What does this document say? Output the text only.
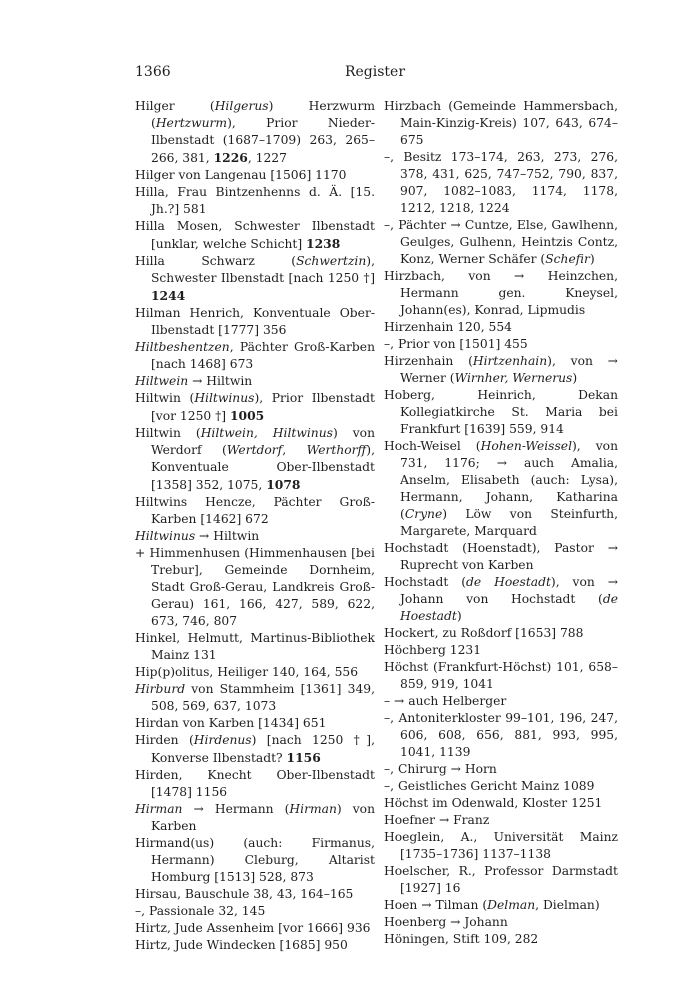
1366	Register
Hilger (Hilgerus) Herzwurm (Hertzwurm), Prior Nieder-Ilbenstadt (1687–1709) 263, 265–266, 381, 1226, 1227
Hilger von Langenau [1506] 1170
Hilla, Frau Bintzenhenns d. Ä. [15. Jh.?] 581
Hilla Mosen, Schwester Ilbenstadt [unklar, welche Schicht] 1238
Hilla Schwarz (Schwertzin), Schwester Ilbenstadt [nach 1250 †] 1244
Hilman Henrich, Konventuale Ober-Ilbenstadt [1777] 356
Hiltbeshentzen, Pächter Groß-Karben [nach 1468] 673
Hiltwein → Hiltwin
Hiltwin (Hiltwinus), Prior Ilbenstadt [vor 1250 †] 1005
Hiltwin (Hiltwein, Hiltwinus) von Werdorf (Wertdorf, Werthorff), Konventuale Ober-Ilbenstadt [1358] 352, 1075, 1078
Hiltwins Hencze, Pächter Groß-Karben [1462] 672
Hiltwinus → Hiltwin
+ Himmenhusen (Himmenhausen [bei Trebur], Gemeinde Dornheim, Stadt Groß-Gerau, Landkreis Groß-Gerau) 161, 166, 427, 589, 622, 673, 746, 807
Hinkel, Helmutt, Martinus-Bibliothek Mainz 131
Hip(p)olitus, Heiliger 140, 164, 556
Hirburd von Stammheim [1361] 349, 508, 569, 637, 1073
Hirdan von Karben [1434] 651
Hirden (Hirdenus) [nach 1250 †], Konverse Ilbenstadt? 1156
Hirden, Knecht Ober-Ilbenstadt [1478] 1156
Hirman → Hermann (Hirman) von Karben
Hirmand(us) (auch: Firmanus, Hermann) Cleburg, Altarist Homburg [1513] 528, 873
Hirsau, Bauschule 38, 43, 164–165
–, Passionale 32, 145
Hirtz, Jude Assenheim [vor 1666] 936
Hirtz, Jude Windecken [1685] 950
Hirzbach (Gemeinde Hammersbach, Main-Kinzig-Kreis) 107, 643, 674–675
–, Besitz 173–174, 263, 273, 276, 378, 431, 625, 747–752, 790, 837, 907, 1082–1083, 1174, 1178, 1212, 1218, 1224
–, Pächter → Cuntze, Else, Gawlhenn, Geulges, Gulhenn, Heintzis Contz, Konz, Werner Schäfer (Schefir)
Hirzbach, von → Heinzchen, Hermann gen. Kneysel, Johann(es), Konrad, Lipmudis
Hirzenhain 120, 554
–, Prior von [1501] 455
Hirzenhain (Hirtzenhain), von → Werner (Wirnher, Wernerus)
Hoberg, Heinrich, Dekan Kollegiatkirche St. Maria bei Frankfurt [1639] 559, 914
Hoch-Weisel (Hohen-Weissel), von 731, 1176; → auch Amalia, Anselm, Elisabeth (auch: Lysa), Hermann, Johann, Katharina (Cryne) Löw von Steinfurth, Margarete, Marquard
Hochstadt (Hoenstadt), Pastor → Ruprecht von Karben
Hochstadt (de Hoestadt), von → Johann von Hochstadt (de Hoestadt)
Hockert, zu Roßdorf [1653] 788
Höchberg 1231
Höchst (Frankfurt-Höchst) 101, 658–859, 919, 1041
– → auch Helberger
–, Antoniterkloster 99–101, 196, 247, 606, 608, 656, 881, 993, 995, 1041, 1139
–, Chirurg → Horn
–, Geistliches Gericht Mainz 1089
Höchst im Odenwald, Kloster 1251
Hoefner → Franz
Hoeglein, A., Universität Mainz [1735–1736] 1137–1138
Hoelscher, R., Professor Darmstadt [1927] 16
Hoen → Tilman (Delman, Dielman)
Hoenberg → Johann
Höningen, Stift 109, 282
